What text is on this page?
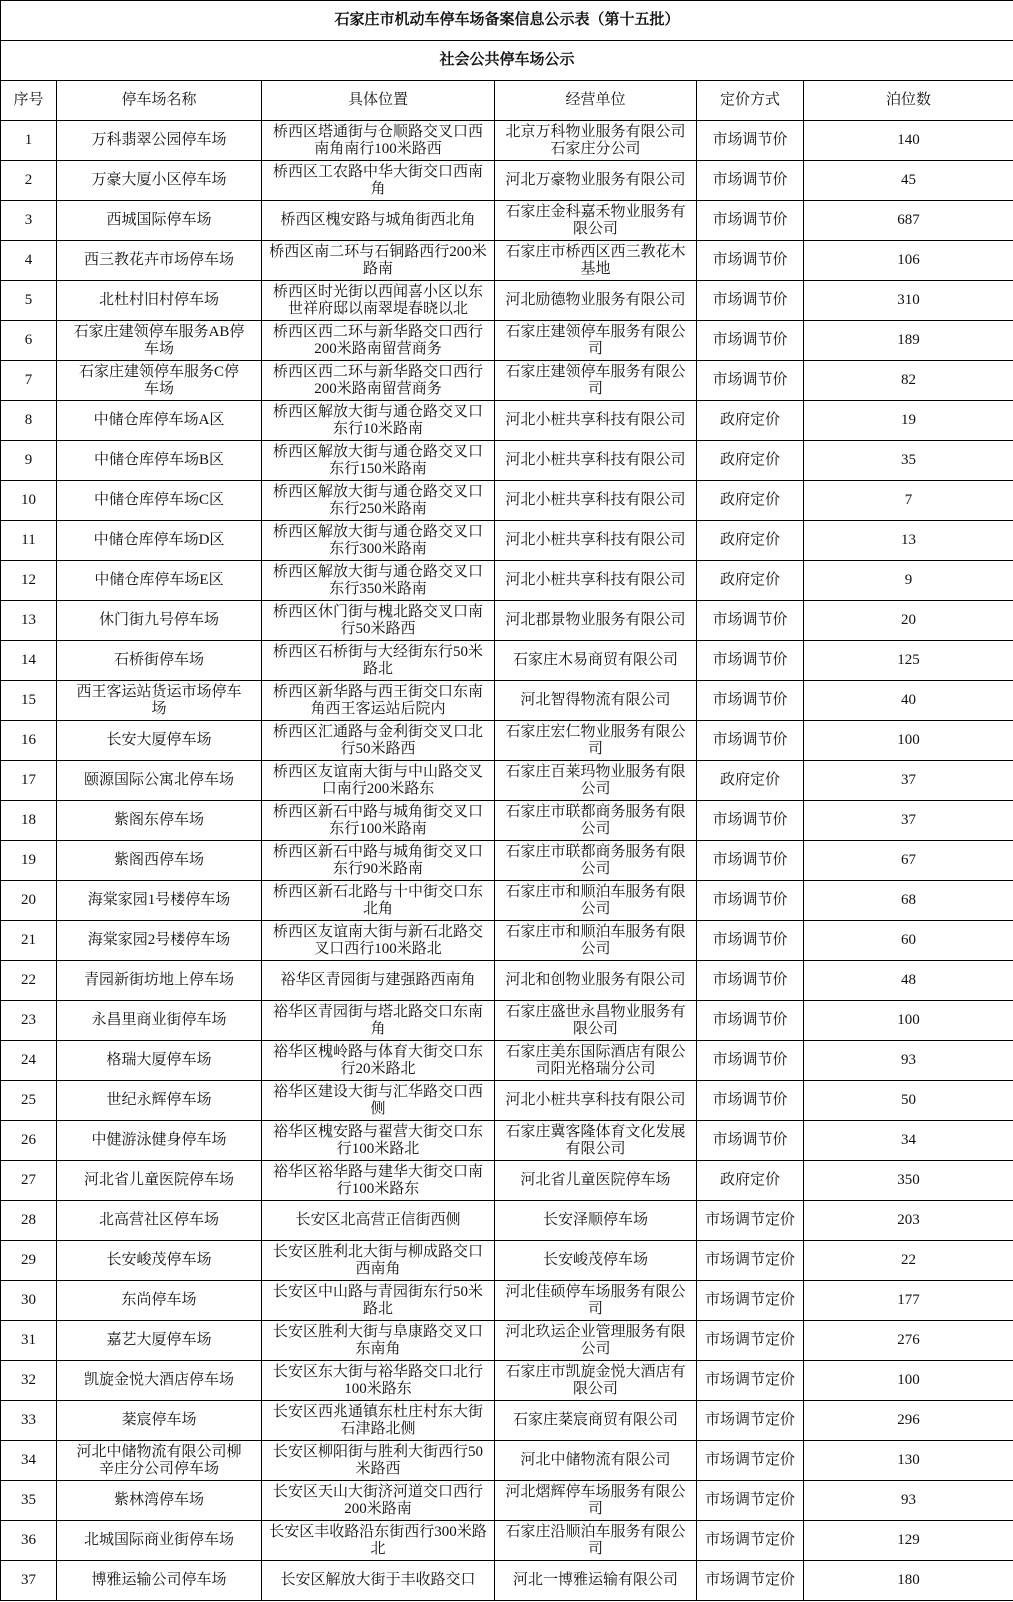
石家庄市机动车停车场备案信息公示表（第十五批）					

社会公共停车场公示					

序号	停车场名称	具体位置	经营单位	定价方式	泊位数

1	万科翡翠公园停车场	桥西区塔通街与仓顺路交叉口西南角南行100米路西	北京万科物业服务有限公司石家庄分公司	市场调节价	140

2	万豪大厦小区停车场	桥西区工农路中华大街交口西南角	河北万豪物业服务有限公司	市场调节价	45

3	西城国际停车场	桥西区槐安路与城角街西北角	石家庄金科嘉禾物业服务有限公司	市场调节价	687

4	西三教花卉市场停车场	桥西区南二环与石铜路西行200米路南	石家庄市桥西区西三教花木基地	市场调节价	106

5	北杜村旧村停车场	桥西区时光街以西闻喜小区以东世祥府邸以南翠堤春晓以北	河北励德物业服务有限公司	市场调节价	310

6	石家庄建领停车服务AB停车场	桥西区西二环与新华路交口西行200米路南留营商务	石家庄建领停车服务有限公司	市场调节价	189

7	石家庄建领停车服务C停车场	桥西区西二环与新华路交口西行200米路南留营商务	石家庄建领停车服务有限公司	市场调节价	82

8	中储仓库停车场A区	桥西区解放大街与通仓路交叉口东行10米路南	河北小桩共享科技有限公司	政府定价	19

9	中储仓库停车场B区	桥西区解放大街与通仓路交叉口东行150米路南	河北小桩共享科技有限公司	政府定价	35

10	中储仓库停车场C区	桥西区解放大街与通仓路交叉口东行250米路南	河北小桩共享科技有限公司	政府定价	7

11	中储仓库停车场D区	桥西区解放大街与通仓路交叉口东行300米路南	河北小桩共享科技有限公司	政府定价	13

12	中储仓库停车场E区	桥西区解放大街与通仓路交叉口东行350米路南	河北小桩共享科技有限公司	政府定价	9

13	休门街九号停车场	桥西区休门街与槐北路交叉口南行50米路西	河北郡景物业服务有限公司	市场调节价	20

14	石桥街停车场	桥西区石桥街与大经街东行50米路北	石家庄木易商贸有限公司	市场调节价	125

15	西王客运站货运市场停车场	桥西区新华路与西王街交口东南角西王客运站后院内	河北智得物流有限公司	市场调节价	40

16	长安大厦停车场	桥西区汇通路与金利街交叉口北行50米路西	石家庄宏仁物业服务有限公司	市场调节价	100

17	颐源国际公寓北停车场	桥西区友谊南大街与中山路交叉口南行200米路东	石家庄百莱玛物业服务有限公司	政府定价	37

18	紫阁东停车场	桥西区新石中路与城角街交叉口东行100米路南	石家庄市联都商务服务有限公司	市场调节价	37

19	紫阁西停车场	桥西区新石中路与城角街交叉口东行90米路南	石家庄市联都商务服务有限公司	市场调节价	67

20	海棠家园1号楼停车场	桥西区新石北路与十中街交口东北角	石家庄市和顺泊车服务有限公司	市场调节价	68

21	海棠家园2号楼停车场	桥西区友谊南大街与新石北路交叉口西行100米路北	石家庄市和顺泊车服务有限公司	市场调节价	60

22	青园新街坊地上停车场	裕华区青园街与建强路西南角	河北和创物业服务有限公司	市场调节价	48

23	永昌里商业街停车场	裕华区青园街与塔北路交口东南角	石家庄盛世永昌物业服务有限公司	市场调节价	100

24	格瑞大厦停车场	裕华区槐岭路与体育大街交口东行20米路北	石家庄美东国际酒店有限公司阳光格瑞分公司	市场调节价	93

25	世纪永辉停车场	裕华区建设大街与汇华路交口西侧	河北小桩共享科技有限公司	市场调节价	50

26	中健游泳健身停车场	裕华区槐安路与翟营大街交口东行100米路北	石家庄冀客隆体育文化发展有限公司	市场调节价	34

27	河北省儿童医院停车场	裕华区裕华路与建华大街交口南行100米路东	河北省儿童医院停车场	政府定价	350

28	北高营社区停车场	长安区北高营正信街西侧	长安泽顺停车场	市场调节定价	203

29	长安峻茂停车场	长安区胜利北大街与柳成路交口西南角	长安峻茂停车场	市场调节定价	22

30	东尚停车场	长安区中山路与青园街东行50米路北	河北佳硕停车场服务有限公司	市场调节定价	177

31	嘉艺大厦停车场	长安区胜利大街与阜康路交叉口东南角	河北玖运企业管理服务有限公司	市场调节定价	276

32	凯旋金悦大酒店停车场	长安区东大街与裕华路交口北行100米路东	石家庄市凯旋金悦大酒店有限公司	市场调节定价	100

33	棻宸停车场	长安区西兆通镇东杜庄村东大街石津路北侧	石家庄棻宸商贸有限公司	市场调节定价	296

34	河北中储物流有限公司柳辛庄分公司停车场	长安区柳阳街与胜利大街西行50米路西	河北中储物流有限公司	市场调节定价	130

35	紫林湾停车场	长安区天山大街济河道交口西行200米路南	河北熠辉停车场服务有限公司	市场调节定价	93

36	北城国际商业街停车场	长安区丰收路沿东街西行300米路北	石家庄沿顺泊车服务有限公司	市场调节定价	129

37	博雅运输公司停车场	长安区解放大街于丰收路交口	河北一博雅运输有限公司	市场调节定价	180
